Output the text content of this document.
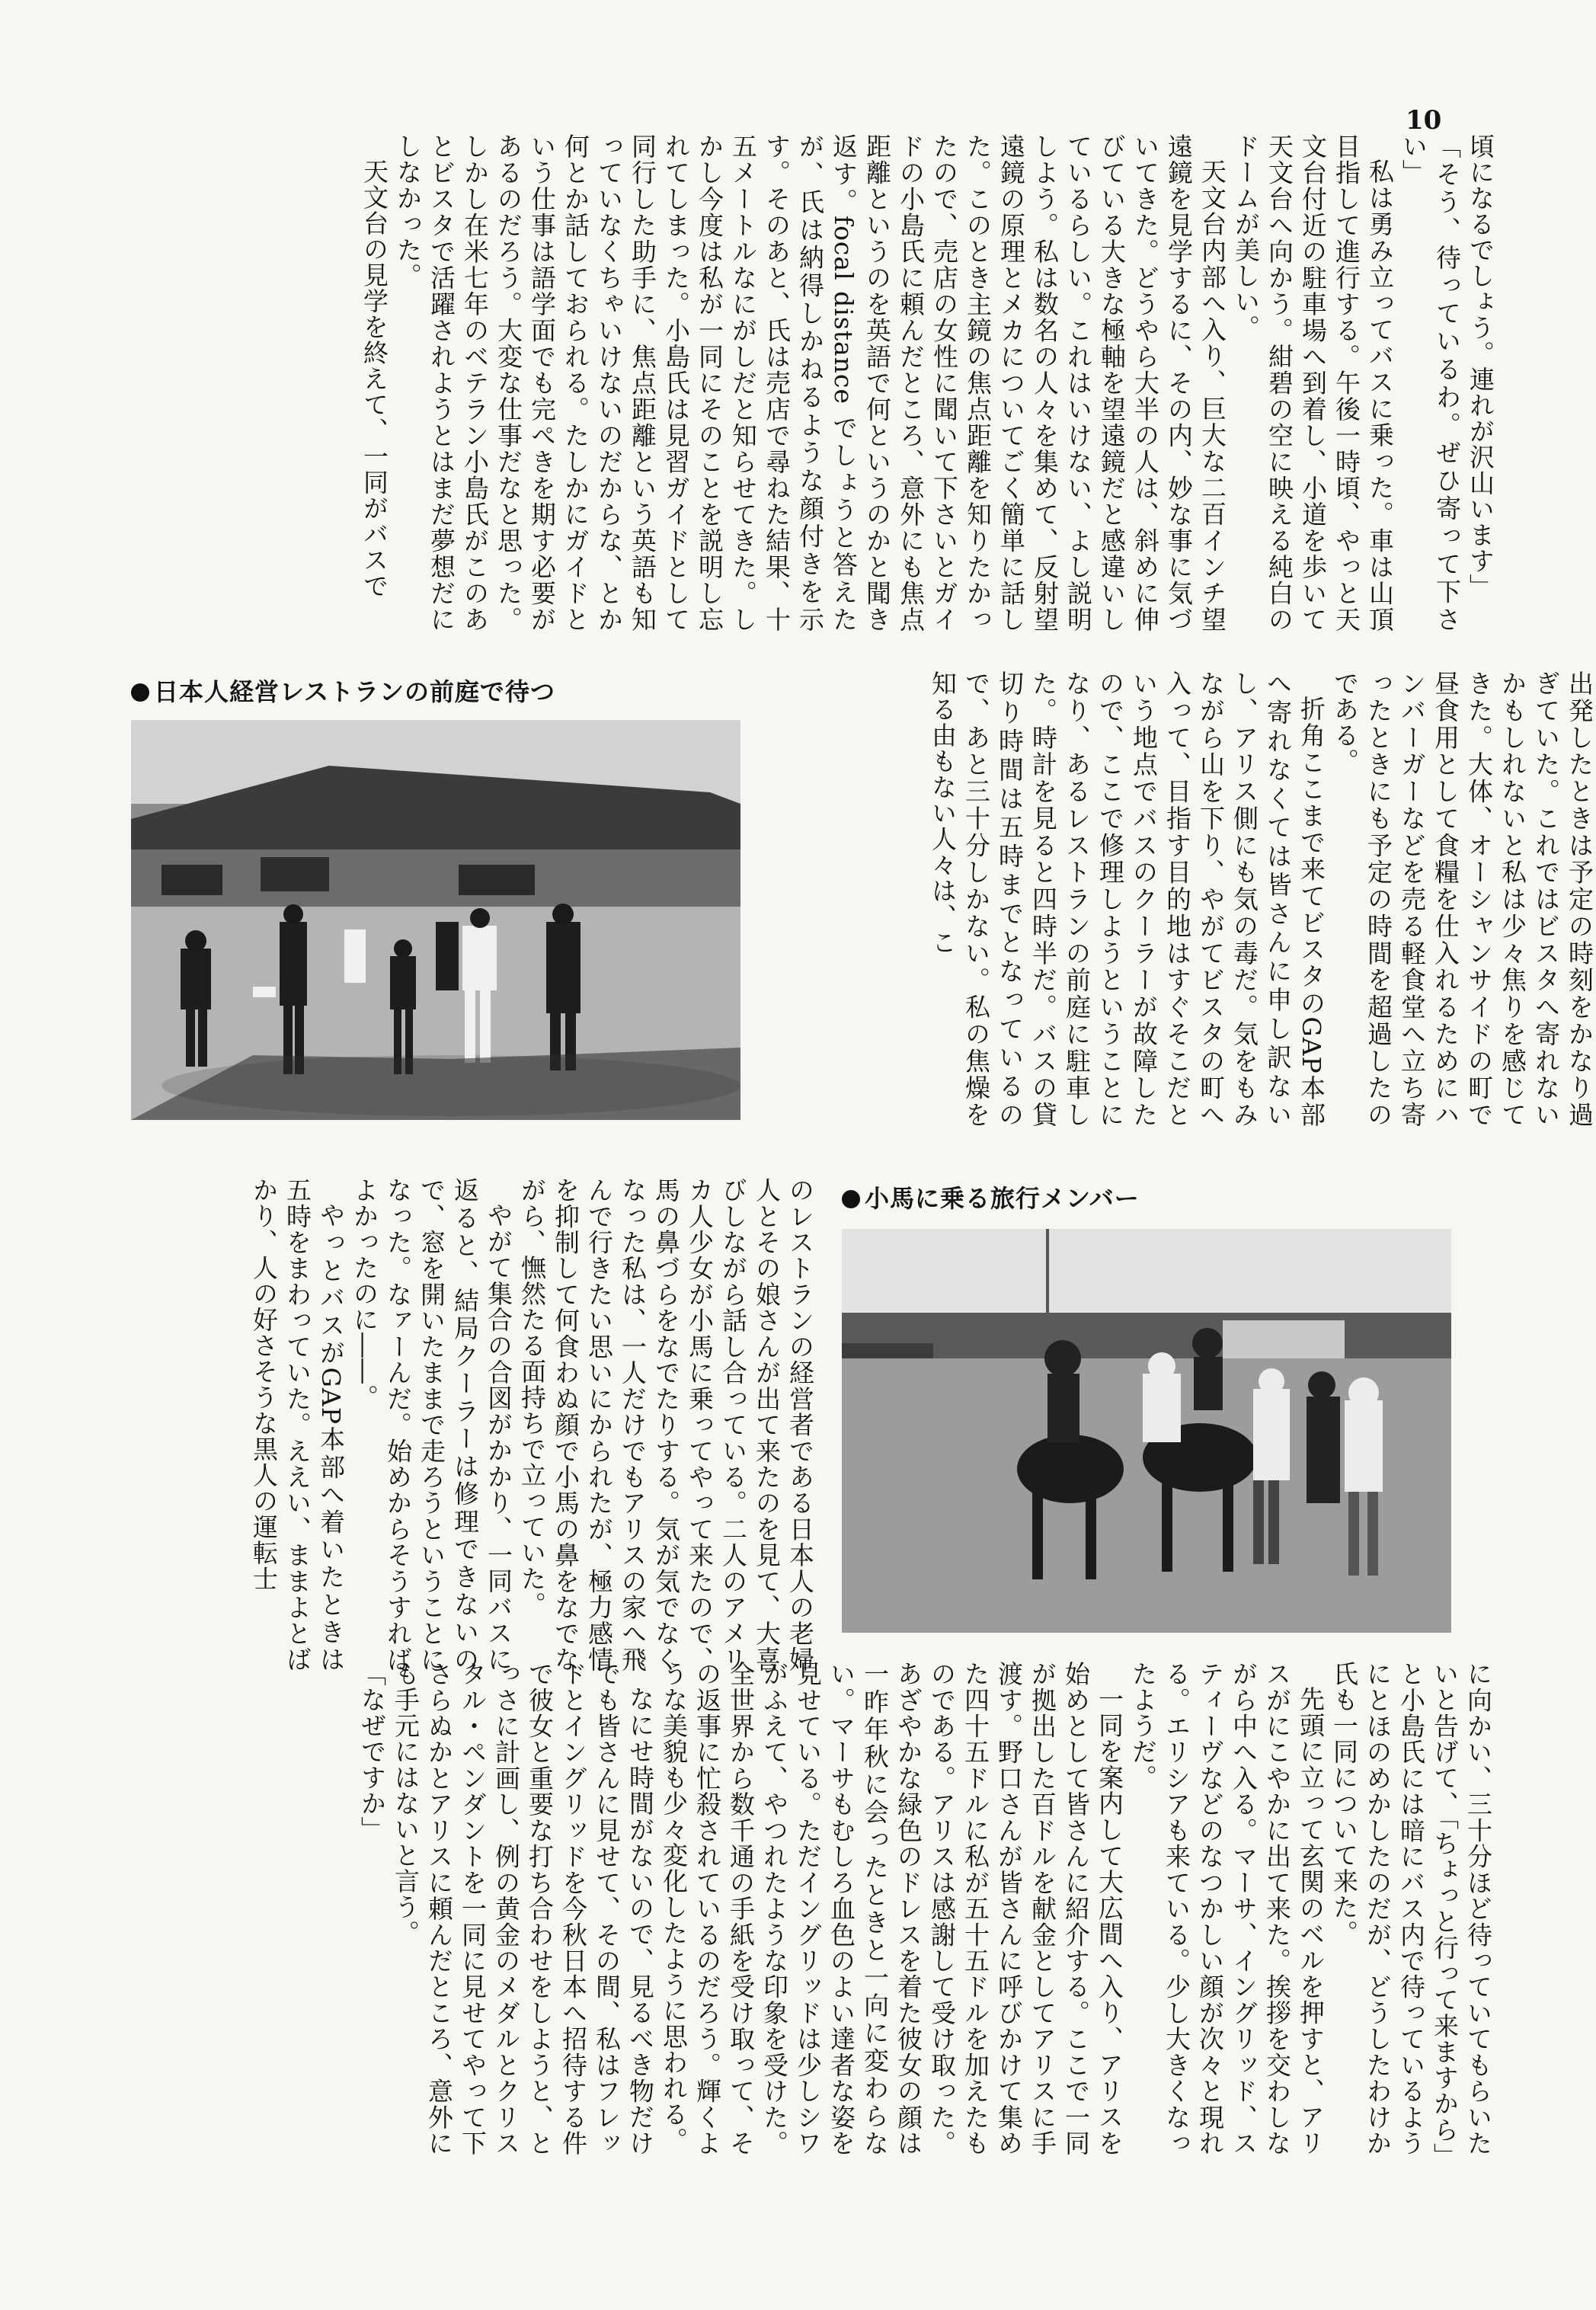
10

頃になるでしょう。連れが沢山います」

「そう、待っているわ。ぜひ寄って下さい」

私は勇み立ってバスに乗った。車は山頂目指して進行する。午後一時頃、やっと天文台付近の駐車場へ到着し、小道を歩いて天文台へ向かう。紺碧の空に映える純白のドームが美しい。

天文台内部へ入り、巨大な二百インチ望遠鏡を見学するに、その内、妙な事に気づいてきた。どうやら大半の人は、斜めに伸びている大きな極軸を望遠鏡だと感違いしているらしい。これはいけない、よし説明しよう。私は数名の人々を集めて、反射望遠鏡の原理とメカについてごく簡単に話した。このとき主鏡の焦点距離を知りたかったので、売店の女性に聞いて下さいとガイドの小島氏に頼んだところ、意外にも焦点距離というのを英語で何というのかと聞き返す。focal distance でしょうと答えたが、氏は納得しかねるような顔付きを示す。そのあと、氏は売店で尋ねた結果、十五メートルなにがしだと知らせてきた。しかし今度は私が一同にそのことを説明し忘れてしまった。小島氏は見習ガイドとして同行した助手に、焦点距離という英語も知っていなくちゃいけないのだからな、とか何とか話しておられる。たしかにガイドという仕事は語学面でも完ぺきを期す必要があるのだろう。大変な仕事だなと思った。しかし在米七年のベテラン小島氏がこのあとビスタで活躍されようとはまだ夢想だにしなかった。

天文台の見学を終えて、一同がバスで

日本人経営レストランの前庭で待つ	出発したときは予定の時刻をかなり過ぎていた。これではビスタへ寄れないかもしれないと私は少々焦りを感じてきた。大体、オーシャンサイドの町で昼食用として食糧を仕入れるためにハンバーガーなどを売る軽食堂へ立ち寄ったときにも予定の時間を超過したのである。

折角ここまで来てビスタのGAP本部へ寄れなくては皆さんに申し訳ないし、アリス側にも気の毒だ。気をもみながら山を下り、やがてビスタの町へ入って、目指す目的地はすぐそこだという地点でバスのクーラーが故障したので、ここで修理しようということになり、あるレストランの前庭に駐車した。時計を見ると四時半だ。バスの貸切り時間は五時までとなっているので、あと三十分しかない。私の焦燥を知る由もない人々は、こ

小馬に乗る旅行メンバー

のレストランの経営者である日本人の老婦人とその娘さんが出て来たのを見て、大喜びしながら話し合っている。二人のアメリカ人少女が小馬に乗ってやって来たので、馬の鼻づらをなでたりする。気が気でなくなった私は、一人だけでもアリスの家へ飛んで行きたい思いにかられたが、極力感情を抑制して何食わぬ顔で小馬の鼻をなでながら、憮然たる面持ちで立っていた。

やがて集合の合図がかかり、一同バスに返ると、結局クーラーは修理できないので、窓を開いたままで走ろうということになった。なァーんだ。始めからそうすればよかったのに――。

やっとバスがGAP本部へ着いたときは五時をまわっていた。ええい、ままよとばかり、人の好さそうな黒人の運転士

に向かい、三十分ほど待っていてもらいたいと告げて、「ちょっと行って来ますから」と小島氏には暗にバス内で待っているようにとほのめかしたのだが、どうしたわけか氏も一同について来た。

先頭に立って玄関のベルを押すと、アリスがにこやかに出て来た。挨拶を交わしながら中へ入る。マーサ、イングリッド、スティーヴなどのなつかしい顔が次々と現れる。エリシアも来ている。少し大きくなったようだ。

一同を案内して大広間へ入り、アリスを始めとして皆さんに紹介する。ここで一同が拠出した百ドルを献金としてアリスに手渡す。野口さんが皆さんに呼びかけて集めた四十五ドルに私が五十五ドルを加えたものである。アリスは感謝して受け取った。あざやかな緑色のドレスを着た彼女の顔は一昨年秋に会ったときと一向に変わらない。マーサもむしろ血色のよい達者な姿を見せている。ただイングリッドは少しシワがふえて、やつれたような印象を受けた。全世界から数千通の手紙を受け取って、その返事に忙殺されているのだろう。輝くような美貌も少々変化したように思われる。

なにせ時間がないので、見るべき物だけでも皆さんに見せて、その間、私はフレッドとイングリッドを今秋日本へ招待する件で彼女と重要な打ち合わせをしようと、とっさに計画し、例の黄金のメダルとクリスタル・ペンダントを一同に見せてやって下さらぬかとアリスに頼んだところ、意外にも手元にはないと言う。

「なぜですか」
